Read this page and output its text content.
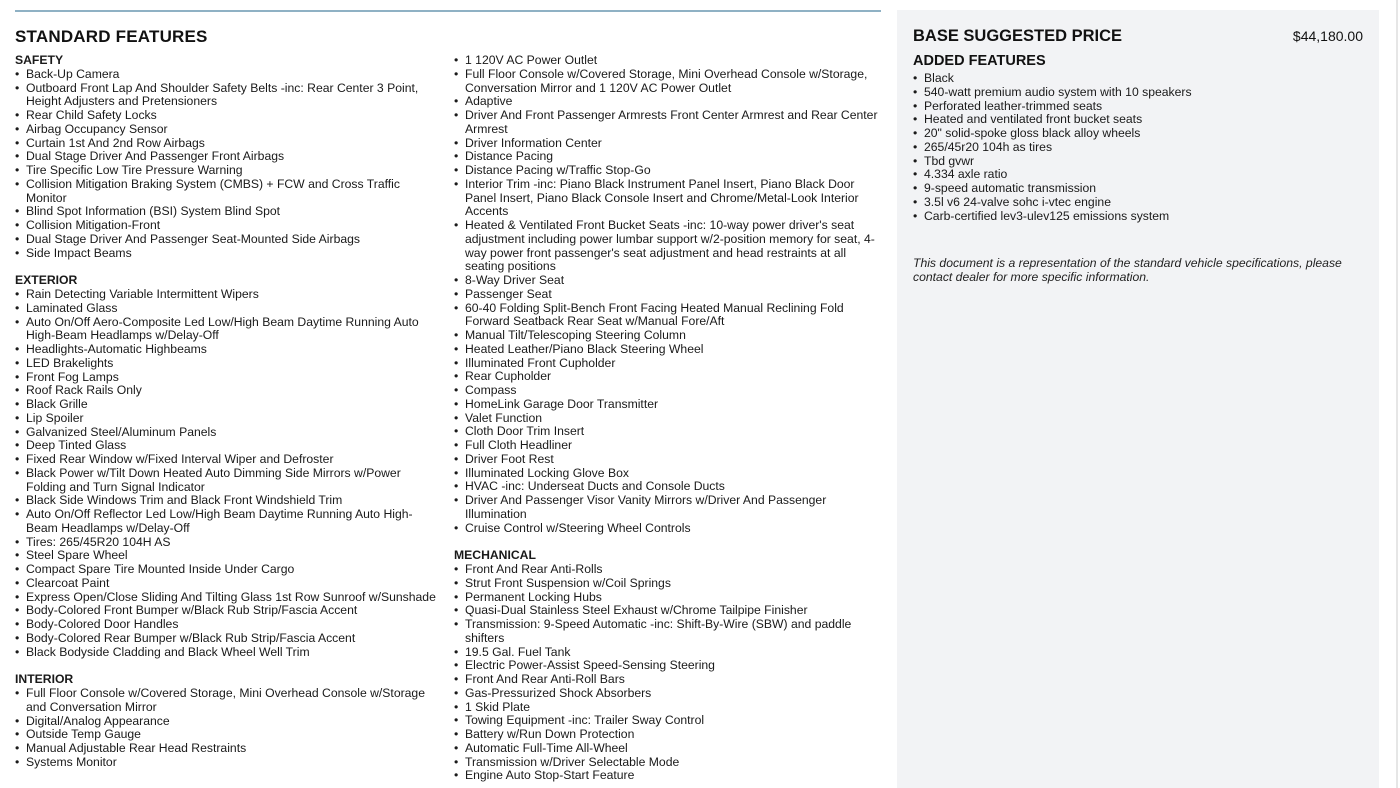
STANDARD FEATURES
SAFETY
• Back-Up Camera
• Outboard Front Lap And Shoulder Safety Belts -inc: Rear Center 3 Point, Height Adjusters and Pretensioners
• Rear Child Safety Locks
• Airbag Occupancy Sensor
• Curtain 1st And 2nd Row Airbags
• Dual Stage Driver And Passenger Front Airbags
• Tire Specific Low Tire Pressure Warning
• Collision Mitigation Braking System (CMBS) + FCW and Cross Traffic Monitor
• Blind Spot Information (BSI) System Blind Spot
• Collision Mitigation-Front
• Dual Stage Driver And Passenger Seat-Mounted Side Airbags
• Side Impact Beams
EXTERIOR
• Rain Detecting Variable Intermittent Wipers
• Laminated Glass
• Auto On/Off Aero-Composite Led Low/High Beam Daytime Running Auto High-Beam Headlamps w/Delay-Off
• Headlights-Automatic Highbeams
• LED Brakelights
• Front Fog Lamps
• Roof Rack Rails Only
• Black Grille
• Lip Spoiler
• Galvanized Steel/Aluminum Panels
• Deep Tinted Glass
• Fixed Rear Window w/Fixed Interval Wiper and Defroster
• Black Power w/Tilt Down Heated Auto Dimming Side Mirrors w/Power Folding and Turn Signal Indicator
• Black Side Windows Trim and Black Front Windshield Trim
• Auto On/Off Reflector Led Low/High Beam Daytime Running Auto High-Beam Headlamps w/Delay-Off
• Tires: 265/45R20 104H AS
• Steel Spare Wheel
• Compact Spare Tire Mounted Inside Under Cargo
• Clearcoat Paint
• Express Open/Close Sliding And Tilting Glass 1st Row Sunroof w/Sunshade
• Body-Colored Front Bumper w/Black Rub Strip/Fascia Accent
• Body-Colored Door Handles
• Body-Colored Rear Bumper w/Black Rub Strip/Fascia Accent
• Black Bodyside Cladding and Black Wheel Well Trim
INTERIOR
• Full Floor Console w/Covered Storage, Mini Overhead Console w/Storage and Conversation Mirror
• Digital/Analog Appearance
• Outside Temp Gauge
• Manual Adjustable Rear Head Restraints
• Systems Monitor
• 1 120V AC Power Outlet
• Full Floor Console w/Covered Storage, Mini Overhead Console w/Storage, Conversation Mirror and 1 120V AC Power Outlet
• Adaptive
• Driver And Front Passenger Armrests Front Center Armrest and Rear Center Armrest
• Driver Information Center
• Distance Pacing
• Distance Pacing w/Traffic Stop-Go
• Interior Trim -inc: Piano Black Instrument Panel Insert, Piano Black Door Panel Insert, Piano Black Console Insert and Chrome/Metal-Look Interior Accents
• Heated & Ventilated Front Bucket Seats -inc: 10-way power driver's seat adjustment including power lumbar support w/2-position memory for seat, 4-way power front passenger's seat adjustment and head restraints at all seating positions
• 8-Way Driver Seat
• Passenger Seat
• 60-40 Folding Split-Bench Front Facing Heated Manual Reclining Fold Forward Seatback Rear Seat w/Manual Fore/Aft
• Manual Tilt/Telescoping Steering Column
• Heated Leather/Piano Black Steering Wheel
• Illuminated Front Cupholder
• Rear Cupholder
• Compass
• HomeLink Garage Door Transmitter
• Valet Function
• Cloth Door Trim Insert
• Full Cloth Headliner
• Driver Foot Rest
• Illuminated Locking Glove Box
• HVAC -inc: Underseat Ducts and Console Ducts
• Driver And Passenger Visor Vanity Mirrors w/Driver And Passenger Illumination
• Cruise Control w/Steering Wheel Controls
MECHANICAL
• Front And Rear Anti-Rolls
• Strut Front Suspension w/Coil Springs
• Permanent Locking Hubs
• Quasi-Dual Stainless Steel Exhaust w/Chrome Tailpipe Finisher
• Transmission: 9-Speed Automatic -inc: Shift-By-Wire (SBW) and paddle shifters
• 19.5 Gal. Fuel Tank
• Electric Power-Assist Speed-Sensing Steering
• Front And Rear Anti-Roll Bars
• Gas-Pressurized Shock Absorbers
• 1 Skid Plate
• Towing Equipment -inc: Trailer Sway Control
• Battery w/Run Down Protection
• Automatic Full-Time All-Wheel
• Transmission w/Driver Selectable Mode
• Engine Auto Stop-Start Feature
BASE SUGGESTED PRICE	$44,180.00
ADDED FEATURES
• Black
• 540-watt premium audio system with 10 speakers
• Perforated leather-trimmed seats
• Heated and ventilated front bucket seats
• 20" solid-spoke gloss black alloy wheels
• 265/45r20 104h as tires
• Tbd gvwr
• 4.334 axle ratio
• 9-speed automatic transmission
• 3.5l v6 24-valve sohc i-vtec engine
• Carb-certified lev3-ulev125 emissions system
This document is a representation of the standard vehicle specifications, please contact dealer for more specific information.
